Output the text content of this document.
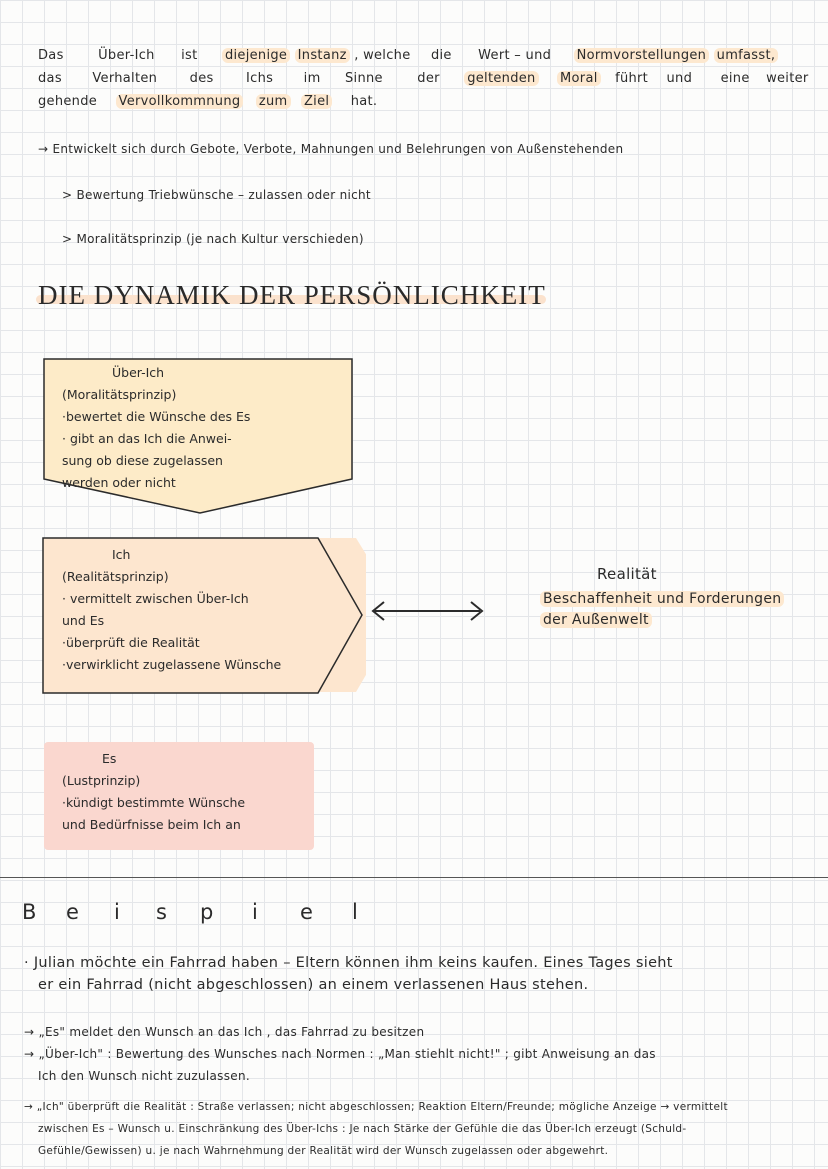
Das	Über-Ich ist diejenige Instanz , welche die Wert – und Normvorstellungen umfasst,
das Verhalten des Ichs im Sinne	der geltenden Moral führt und eine weiter
gehende Vervollkommnung zum Ziel hat.
→ Entwickelt sich durch Gebote, Verbote, Mahnungen und Belehrungen von Außenstehenden
> Bewertung Triebwünsche – zulassen oder nicht
> Moralitätsprinzip (je nach Kultur verschieden)
DIE DYNAMIK DER PERSÖNLICHKEIT
Über-Ich
(Moralitätsprinzip)
·bewertet die Wünsche des Es
· gibt an das Ich die Anwei-
sung ob diese zugelassen
werden oder nicht
Ich
(Realitätsprinzip)
· vermittelt zwischen Über-Ich
und Es
·überprüft die Realität
·verwirklicht zugelassene Wünsche
Realität
Beschaffenheit und Forderungen
der Außenwelt
Es
(Lustprinzip)
·kündigt bestimmte Wünsche
und Bedürfnisse beim Ich an
B e i s p i e l
· Julian möchte ein Fahrrad haben – Eltern können ihm keins kaufen. Eines Tages sieht
er ein Fahrrad (nicht abgeschlossen) an einem verlassenen Haus stehen.
→ „Es" meldet den Wunsch an das Ich , das Fahrrad zu besitzen
→ „Über-Ich" : Bewertung des Wunsches nach Normen : „Man stiehlt nicht!" ; gibt Anweisung an das
Ich den Wunsch nicht zuzulassen.
→ „Ich" überprüft die Realität : Straße verlassen; nicht abgeschlossen; Reaktion Eltern/Freunde; mögliche Anzeige → vermittelt
zwischen Es – Wunsch u. Einschränkung des Über-Ichs : Je nach Stärke der Gefühle die das Über-Ich erzeugt (Schuld-
Gefühle/Gewissen) u. je nach Wahrnehmung der Realität wird der Wunsch zugelassen oder abgewehrt.
